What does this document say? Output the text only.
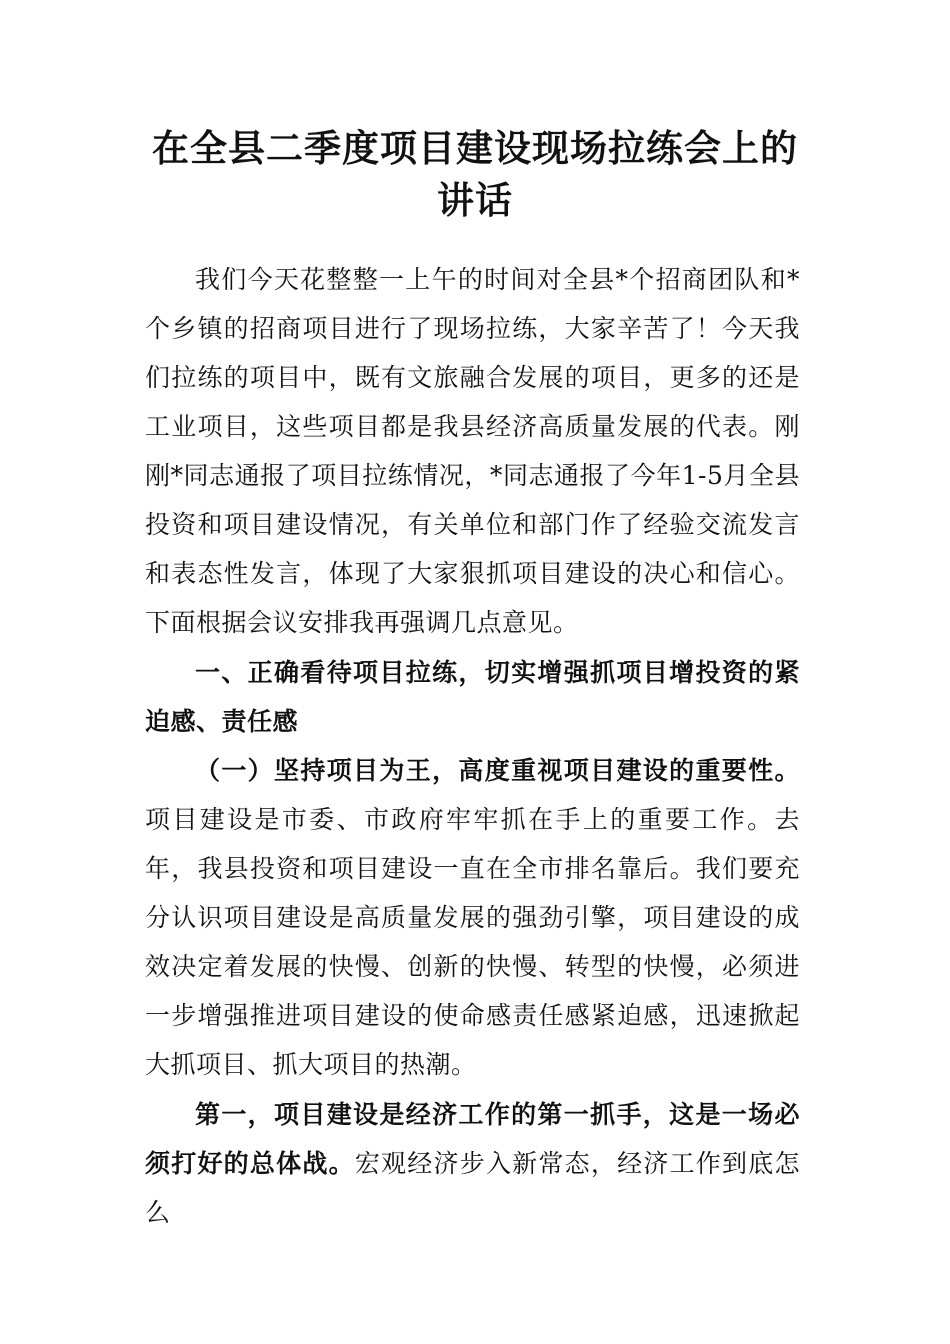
在全县二季度项目建设现场拉练会上的讲话

我们今天花整整一上午的时间对全县*个招商团队和*个乡镇的招商项目进行了现场拉练，大家辛苦了！今天我们拉练的项目中，既有文旅融合发展的项目，更多的还是工业项目，这些项目都是我县经济高质量发展的代表。刚刚*同志通报了项目拉练情况，*同志通报了今年1-5月全县投资和项目建设情况，有关单位和部门作了经验交流发言和表态性发言，体现了大家狠抓项目建设的决心和信心。下面根据会议安排我再强调几点意见。

一、正确看待项目拉练，切实增强抓项目增投资的紧迫感、责任感

（一）坚持项目为王，高度重视项目建设的重要性。项目建设是市委、市政府牢牢抓在手上的重要工作。去年，我县投资和项目建设一直在全市排名靠后。我们要充分认识项目建设是高质量发展的强劲引擎，项目建设的成效决定着发展的快慢、创新的快慢、转型的快慢，必须进一步增强推进项目建设的使命感责任感紧迫感，迅速掀起大抓项目、抓大项目的热潮。

第一，项目建设是经济工作的第一抓手，这是一场必须打好的总体战。宏观经济步入新常态，经济工作到底怎么
